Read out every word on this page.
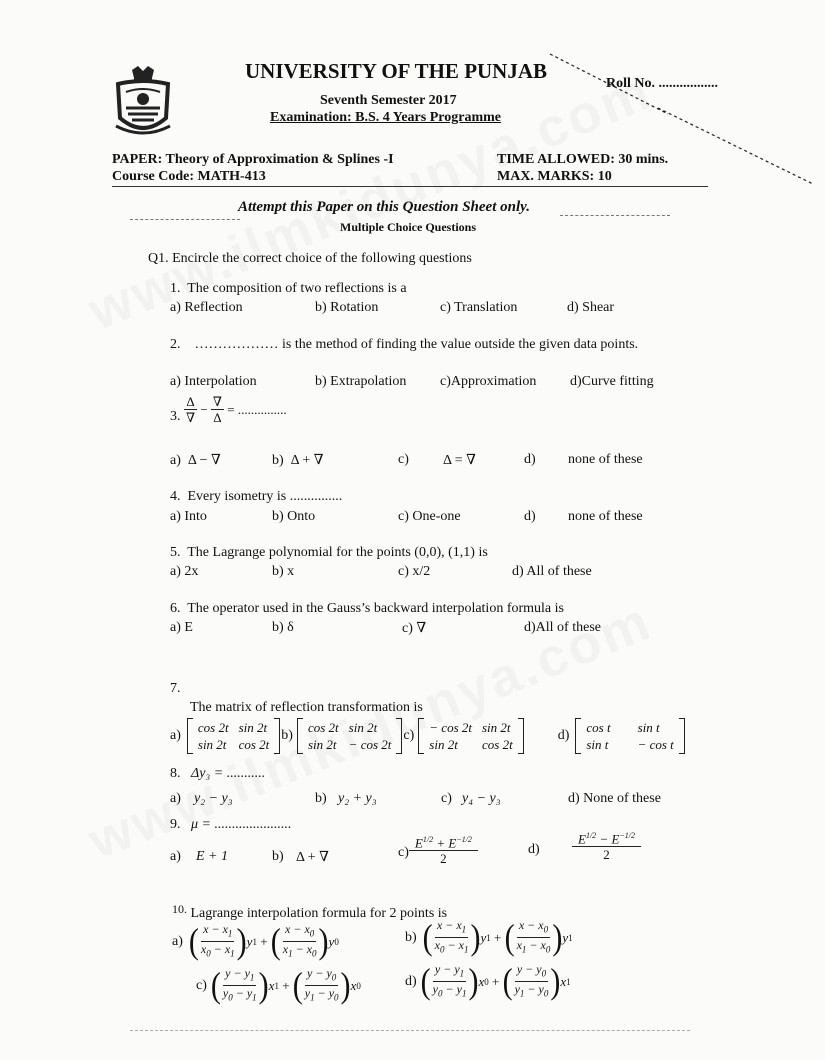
UNIVERSITY OF THE PUNJAB
Roll No. .................
Seventh Semester 2017
Examination: B.S. 4 Years Programme
PAPER: Theory of Approximation & Splines -I
Course Code: MATH-413
TIME ALLOWED: 30 mins.
MAX. MARKS: 10
Attempt this Paper on this Question Sheet only.
Multiple Choice Questions
Q1. Encircle the correct choice of the following questions
1. The composition of two reflections is a
a) Reflection	b) Rotation	c) Translation	d) Shear
2. ……………… is the method of finding the value outside the given data points.
a) Interpolation	b) Extrapolation c)Approximation d)Curve fitting
3.
$\frac{\Delta}{\nabla} - \frac{\nabla}{\Delta}$
= ...............
a) Δ − ∇	b) Δ + ∇	c) Δ = ∇	d) none of these
4. Every isometry is ...............
a) Into	b) Onto	c) One-one	d) none of these
5. The Lagrange polynomial for the points (0,0), (1,1) is
a) 2x	b) x	c) x/2	d) All of these
6. The operator used in the Gauss’s backward interpolation formula is
a) E	b) δ	c) ∇	d)All of these
7.
The matrix of reflection transformation is
a)
cos 2t	sin 2t
sin 2t	cos 2t
b)
cos 2t	sin 2t
sin 2t	− cos 2t
c)
− cos 2t	sin 2t
sin 2t	cos 2t
d)
cos t	sin t
sin t	− cos t
8. Δy₃ = ...........
a) y₂ − y₃	b) y₂ + y₃	c) y₄ − y₃	d) None of these
9. μ = ......................
a) E + 1	b) Δ + ∇	$c) \frac{E^{1/2} + E^{-1/2}}{2}$	$d) \frac{E^{1/2} - E^{-1/2}}{2}$
10. Lagrange interpolation formula for 2 points is
a) ( $\frac{x - x_1}{x_0 - x_1}$ ) y 1 + ( $\frac{x - x_0}{x_1 - x_0}$ ) y 0	b) ( $\frac{x - x_1}{x_0 - x_1}$ ) y 1 + ( $\frac{x - x_0}{x_1 - x_0}$ ) y 1
c) ( $\frac{y - y_1}{y_0 - y_1}$ ) x 1 + ( $\frac{y - y_0}{y_1 - y_0}$ ) x 0	d) ( $\frac{y - y_1}{y_0 - y_1}$ ) x 0 + ( $\frac{y - y_0}{y_1 - y_0}$ ) x 1
